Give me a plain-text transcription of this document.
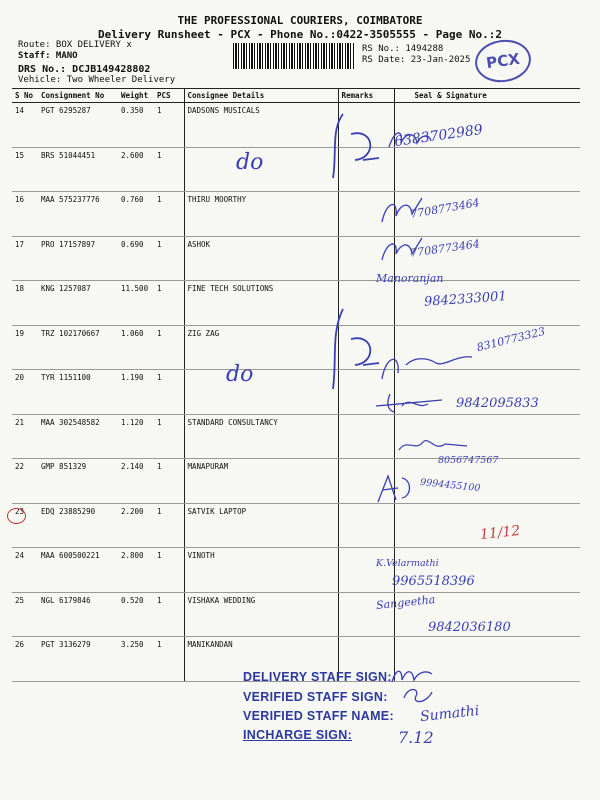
THE PROFESSIONAL COURIERS, COIMBATORE
Delivery Runsheet - PCX - Phone No.:0422-3505555 - Page No.:2
Route: BOX DELIVERY x
Staff: MANO
DRS No.: DCJB149428802
Vehicle: Two Wheeler Delivery
RS No.: 1494288
RS Date: 23-Jan-2025 PCX
S No	Consignment No	Weight	PCS	Consignee Details	Remarks	Seal & Signature
14	PGT 6295287	0.350	1	DADSONS MUSICALS		
15	BRS 51044451	2.600	1			
16	MAA 575237776	0.760	1	THIRU MOORTHY		
17	PRO 17157897	0.690	1	ASHOK		
18	KNG 1257087	11.500	1	FINE TECH SOLUTIONS		
19	TRZ 102170667	1.060	1	ZIG ZAG		
20	TYR 1151100	1.190	1			
21	MAA 302548582	1.120	1	STANDARD CONSULTANCY		
22	GMP 851329	2.140	1	MANAPURAM		
23	EDQ 23885290	2.200	1	SATVIK LAPTOP		
24	MAA 600500221	2.800	1	VINOTH		
25	NGL 6179846	0.520	1	VISHAKA WEDDING		
26	PGT 3136279	3.250	1	MANIKANDAN		
do
do
6383702989
7708773464
7708773464
Manoranjan
9842333001
8310773323
9842095833
8056747567
9994455100
11/12
K.Velarmathi
9965518396
Sangeetha
9842036180
DELIVERY STAFF SIGN:
VERIFIED STAFF SIGN:
VERIFIED STAFF NAME:
INCHARGE SIGN:
Sumathi
7.12
